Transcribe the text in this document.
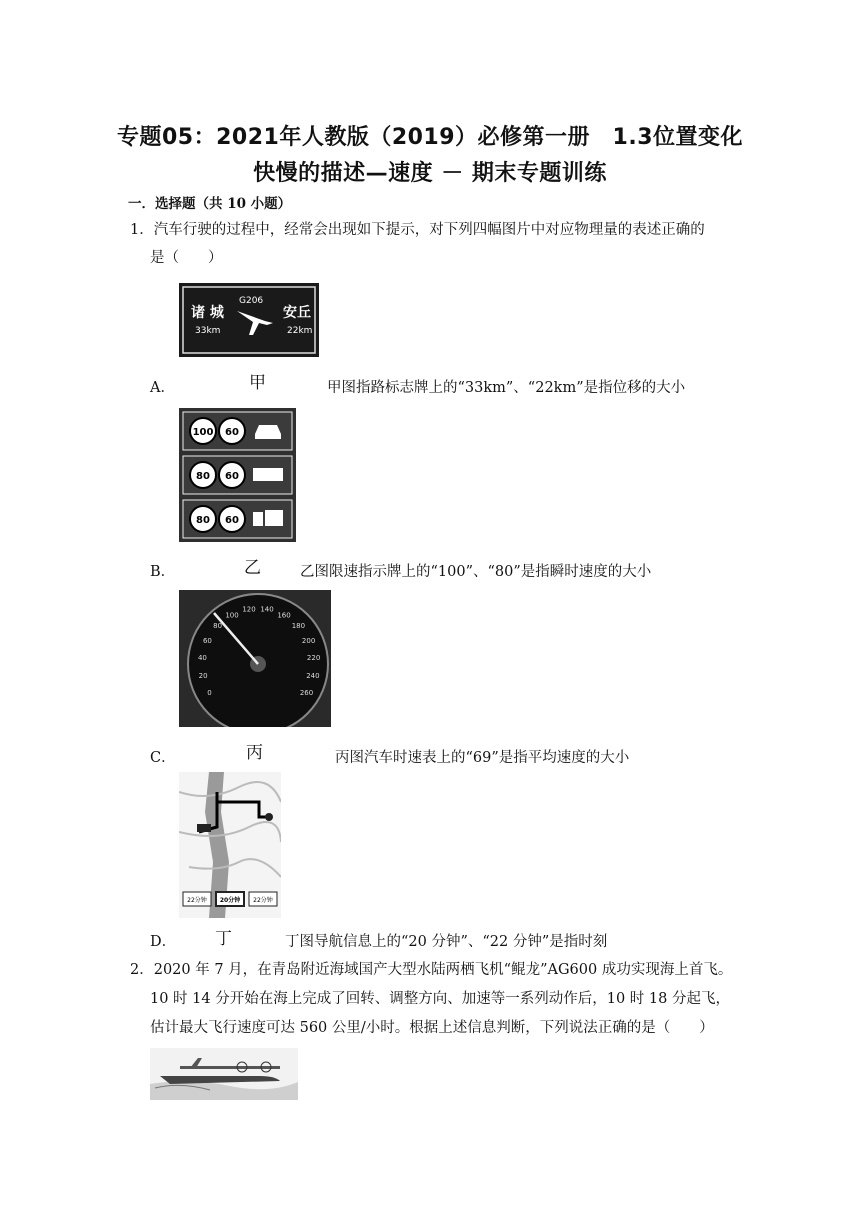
专题05：2021年人教版（2019）必修第一册　1.3位置变化
快慢的描述—速度 － 期末专题训练
一．选择题（共 10 小题）
1．汽车行驶的过程中，经常会出现如下提示，对下列四幅图片中对应物理量的表述正确的
是（　　）
诸 城
33km
G206
安丘
22km
A．	甲	甲图指路标志牌上的“33km”、“22km”是指位移的大小
100 60
80 60
80 60
B．	乙	乙图限速指示牌上的“100”、“80”是指瞬时速度的大小
0
20
40
60
80
100
120 140
160
180
200
220
240
260
C．	丙	丙图汽车时速表上的“69”是指平均速度的大小
22分钟 20分钟 22分钟
D． 丁	丁图导航信息上的“20 分钟”、“22 分钟”是指时刻
2．2020 年 7 月，在青岛附近海域国产大型水陆两栖飞机“鲲龙”AG600 成功实现海上首飞。
10 时 14 分开始在海上完成了回转、调整方向、加速等一系列动作后，10 时 18 分起飞，
估计最大飞行速度可达 560 公里/小时。根据上述信息判断，下列说法正确的是（　　）
